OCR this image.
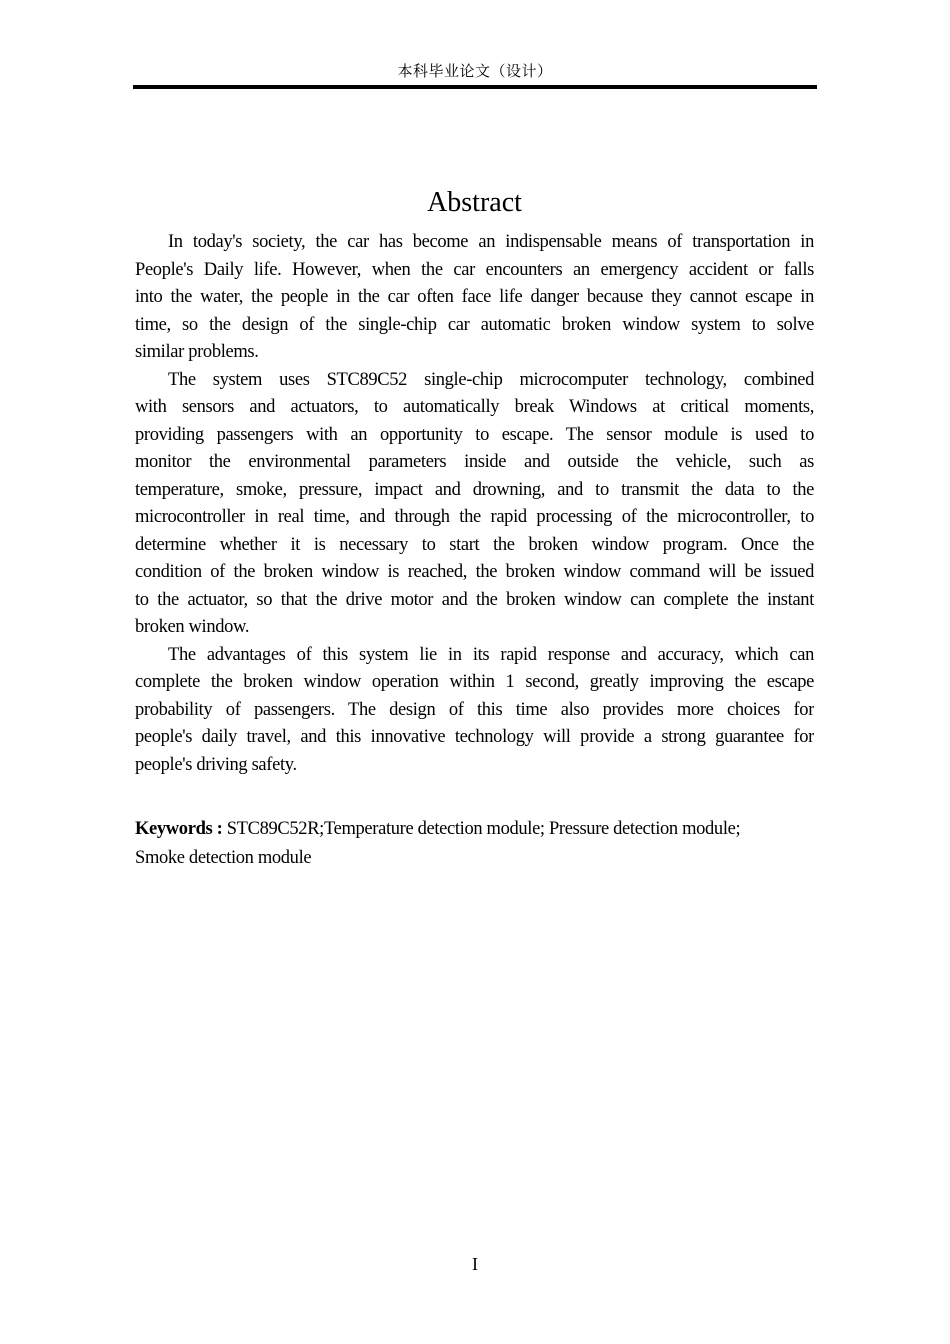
本科毕业论文（设计）
Abstract
In today's society, the car has become an indispensable means of transportation in
People's Daily life. However, when the car encounters an emergency accident or falls
into the water, the people in the car often face life danger because they cannot escape in
time, so the design of the single-chip car automatic broken window system to solve
similar problems.
The system uses STC89C52 single-chip microcomputer technology, combined
with sensors and actuators, to automatically break Windows at critical moments,
providing passengers with an opportunity to escape. The sensor module is used to
monitor the environmental parameters inside and outside the vehicle, such as
temperature, smoke, pressure, impact and drowning, and to transmit the data to the
microcontroller in real time, and through the rapid processing of the microcontroller, to
determine whether it is necessary to start the broken window program. Once the
condition of the broken window is reached, the broken window command will be issued
to the actuator, so that the drive motor and the broken window can complete the instant
broken window.
The advantages of this system lie in its rapid response and accuracy, which can
complete the broken window operation within 1 second, greatly improving the escape
probability of passengers. The design of this time also provides more choices for
people's daily travel, and this innovative technology will provide a strong guarantee for
people's driving safety.
Keywords : STC89C52R;Temperature detection module; Pressure detection module;
Smoke detection module
I
